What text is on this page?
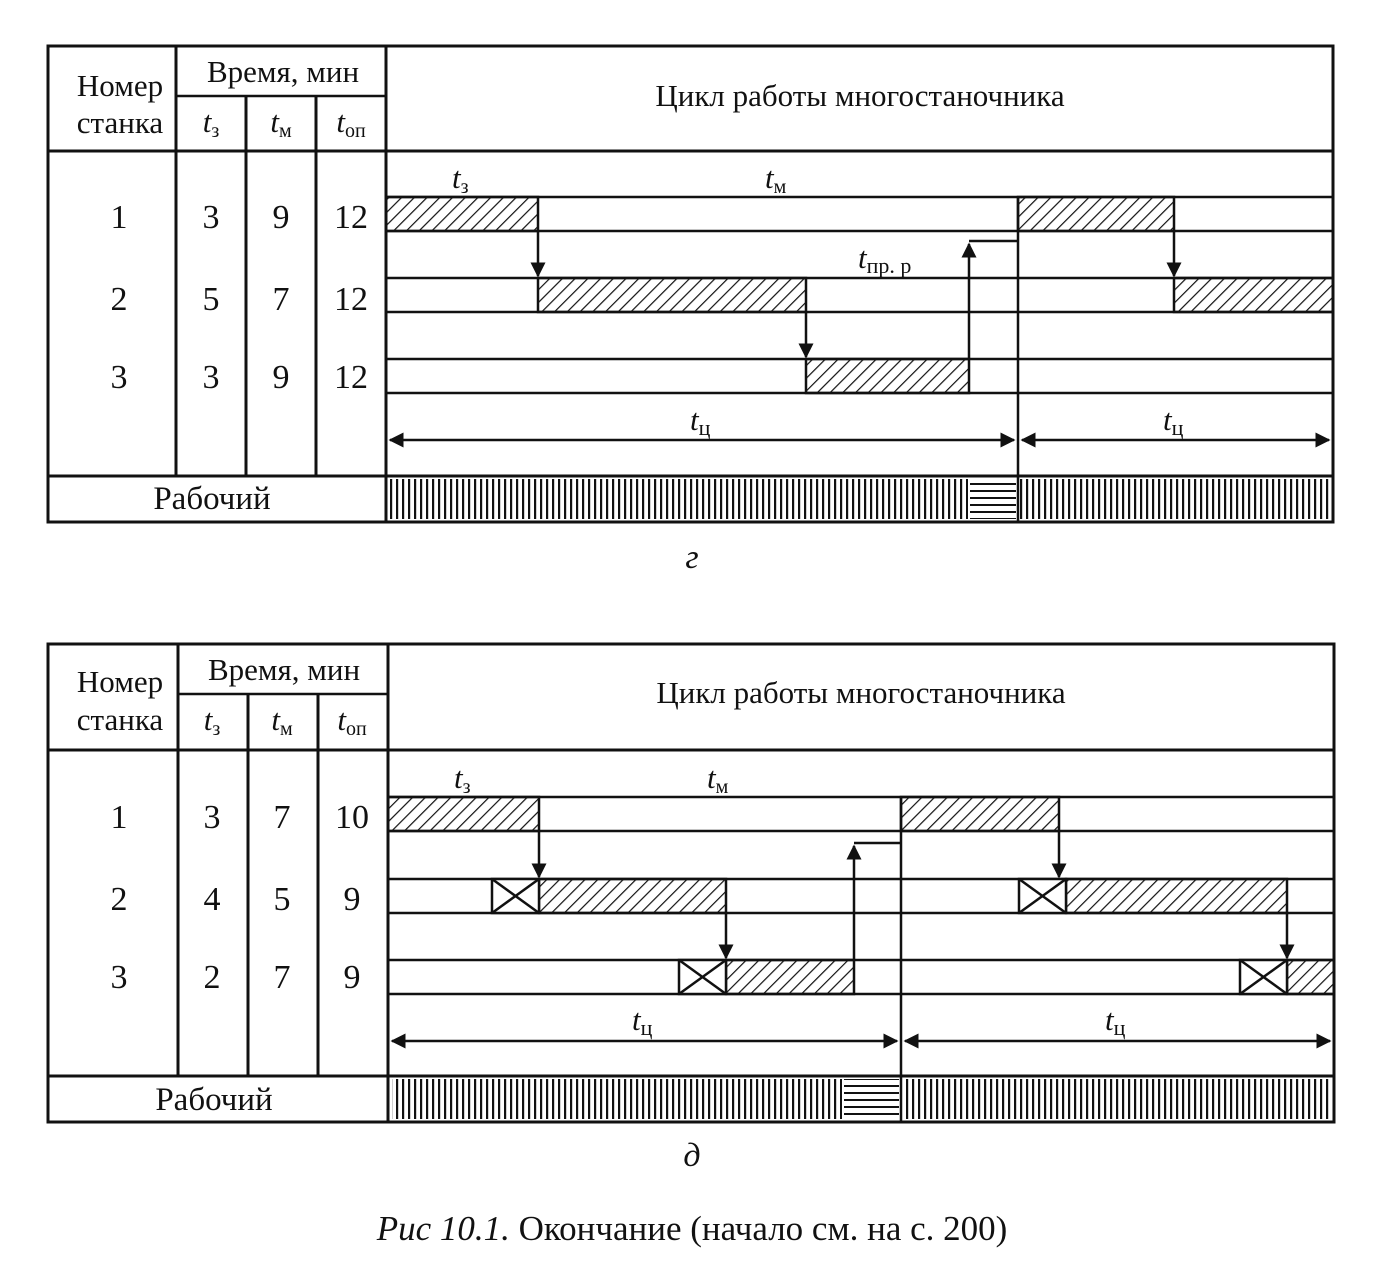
Номер
станка
Время, мин
tз tм tоп
Цикл работы многостаночника
1 3 9 12
2 5 7 12
3 3 9 12
tз	tм
tпр. р
tц	tц
Рабочий
г
Номер
станка
Время, мин
tз tм tоп
Цикл работы многостаночника
1 3 7 10
2 4 5 9
3 2 7 9
tз	tм
tц	tц
Рабочий
д
Рис 10.1. Окончание (начало см. на с. 200)
